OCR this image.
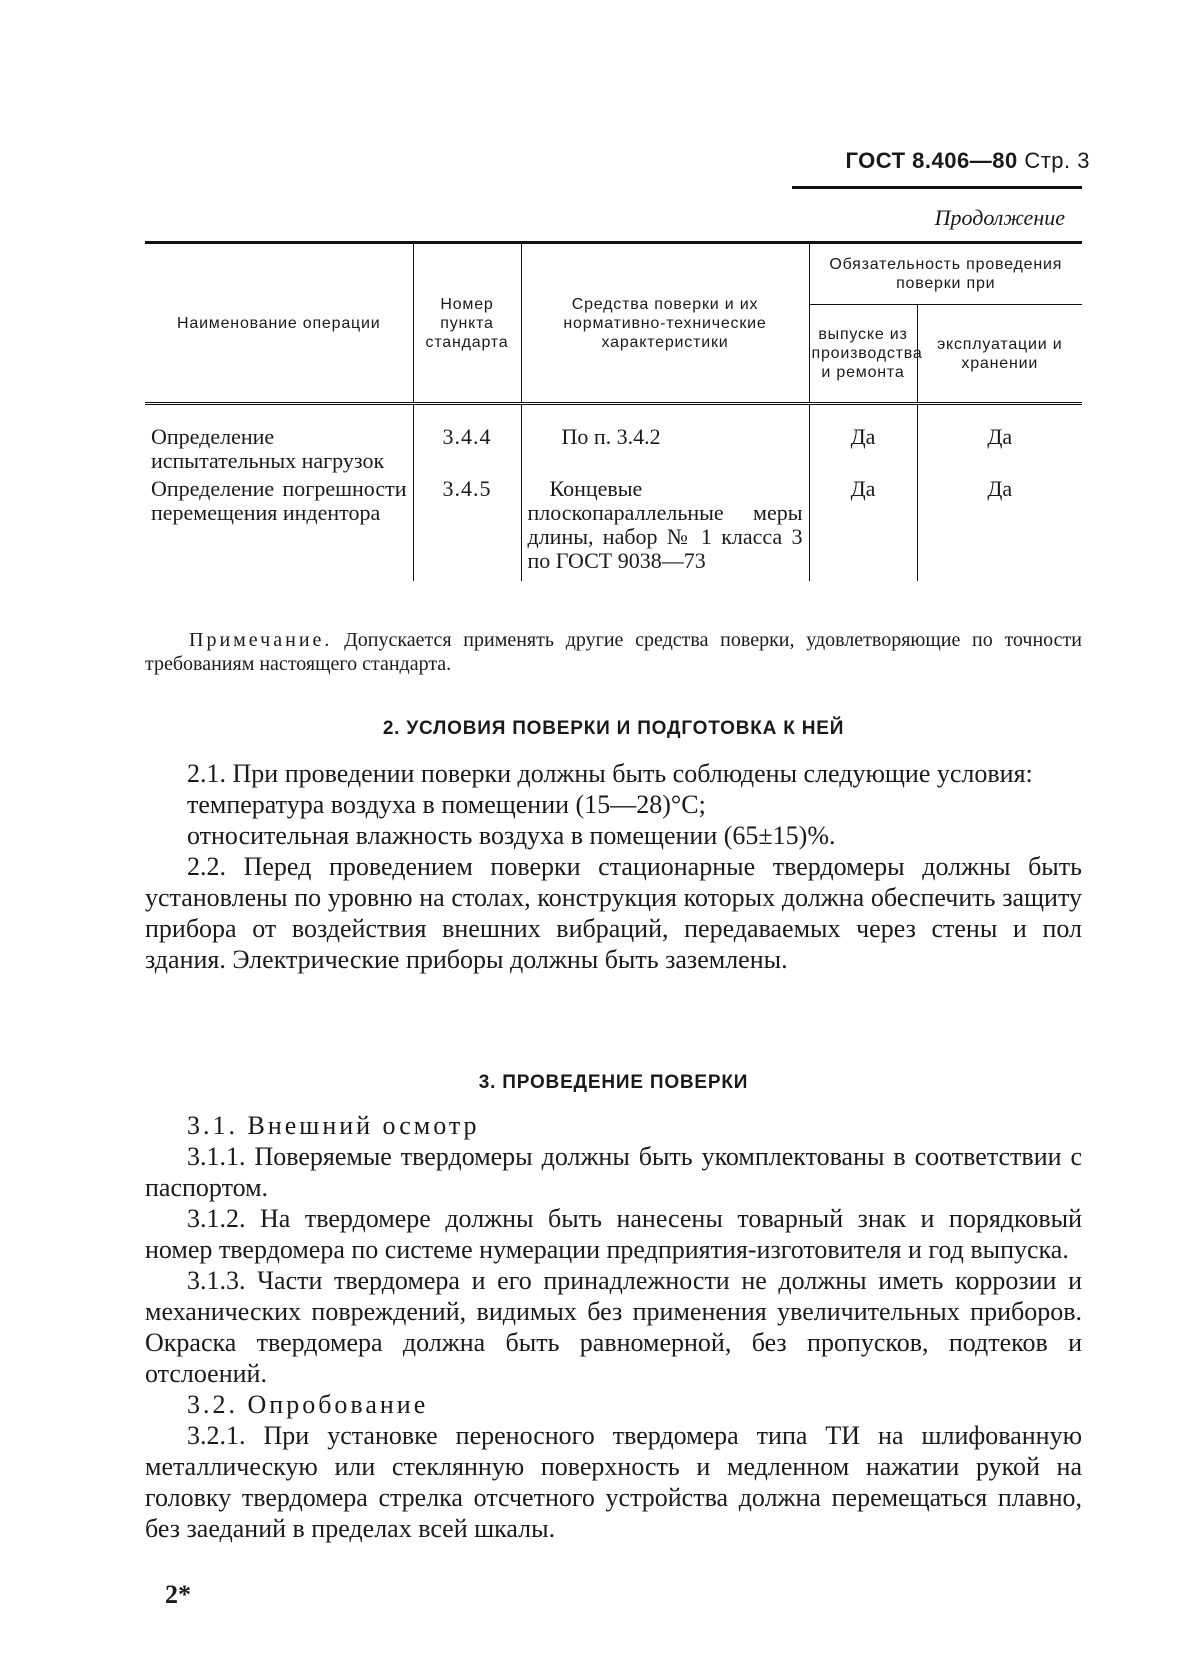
ГОСТ 8.406—80 Стр. 3
Продолжение
Наименование операции	Номер пункта стандарта	Средства поверки и их нормативно-технические характеристики	Обязательность проведения поверки при	
			выпуске из производства и ремонта	эксплуатации и хранении
Определение испытательных нагрузок	3.4.4	По п. 3.4.2	Да	Да
Определение погрешности перемещения индентора	3.4.5	Концевые плоскопараллельные меры длины, набор № 1 класса 3 по ГОСТ 9038—73	Да	Да
Примечание. Допускается применять другие средства поверки, удовлетворяющие по точности требованиям настоящего стандарта.
2. УСЛОВИЯ ПОВЕРКИ И ПОДГОТОВКА К НЕЙ

2.1. При проведении поверки должны быть соблюдены следующие условия:

температура воздуха в помещении (15—28)°С;

относительная влажность воздуха в помещении (65±15)%.

2.2. Перед проведением поверки стационарные твердомеры должны быть установлены по уровню на столах, конструкция которых должна обеспечить защиту прибора от воздействия внешних вибраций, передаваемых через стены и пол здания. Электрические приборы должны быть заземлены.

3. ПРОВЕДЕНИЕ ПОВЕРКИ

3.1. Внешний осмотр

3.1.1. Поверяемые твердомеры должны быть укомплектованы в соответствии с паспортом.

3.1.2. На твердомере должны быть нанесены товарный знак и порядковый номер твердомера по системе нумерации предприятия-изготовителя и год выпуска.

3.1.3. Части твердомера и его принадлежности не должны иметь коррозии и механических повреждений, видимых без применения увеличительных приборов. Окраска твердомера должна быть равномерной, без пропусков, подтеков и отслоений.

3.2. Опробование

3.2.1. При установке переносного твердомера типа ТИ на шлифованную металлическую или стеклянную поверхность и медленном нажатии рукой на головку твердомера стрелка отсчетного устройства должна перемещаться плавно, без заеданий в пределах всей шкалы.

2*
